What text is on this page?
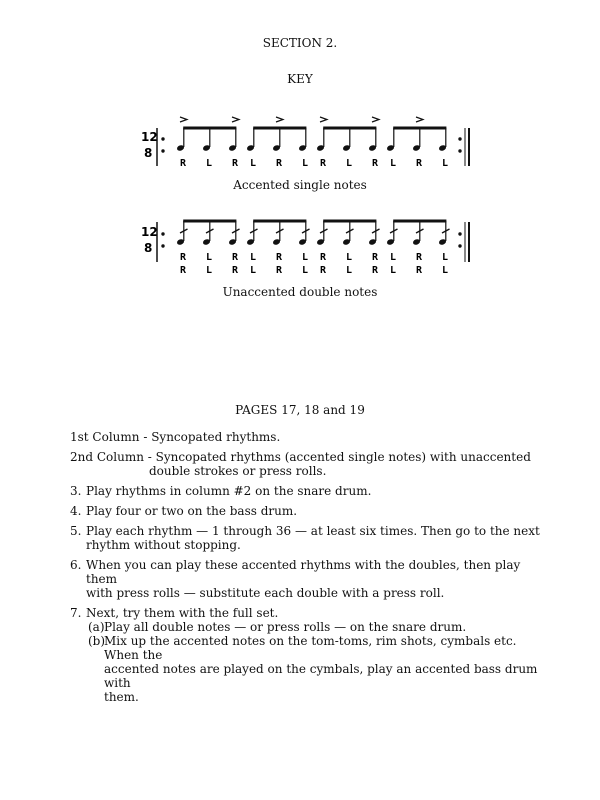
SECTION 2.
KEY
12
8
R L R L R L R L R L R L
Accented single notes
12
8
R
R
L
L
R
R
L
L
R
R
L
L
R
R
L
L
R
R
L
L
R
R
L
L
Unaccented double notes
PAGES 17, 18 and 19
1st Column - Syncopated rhythms.
2nd Column - Syncopated rhythms (accented single notes) with unaccented
double strokes or press rolls.
3. Play rhythms in column #2 on the snare drum.
4. Play four or two on the bass drum.
5. Play each rhythm — 1 through 36 — at least six times. Then go to the next
rhythm without stopping.
6. When you can play these accented rhythms with the doubles, then play them
with press rolls — substitute each double with a press roll.
7. Next, try them with the full set.
(a) Play all double notes — or press rolls — on the snare drum.
(b)
Mix up the accented notes on the tom-toms, rim shots, cymbals etc. When the
accented notes are played on the cymbals, play an accented bass drum with
them.
